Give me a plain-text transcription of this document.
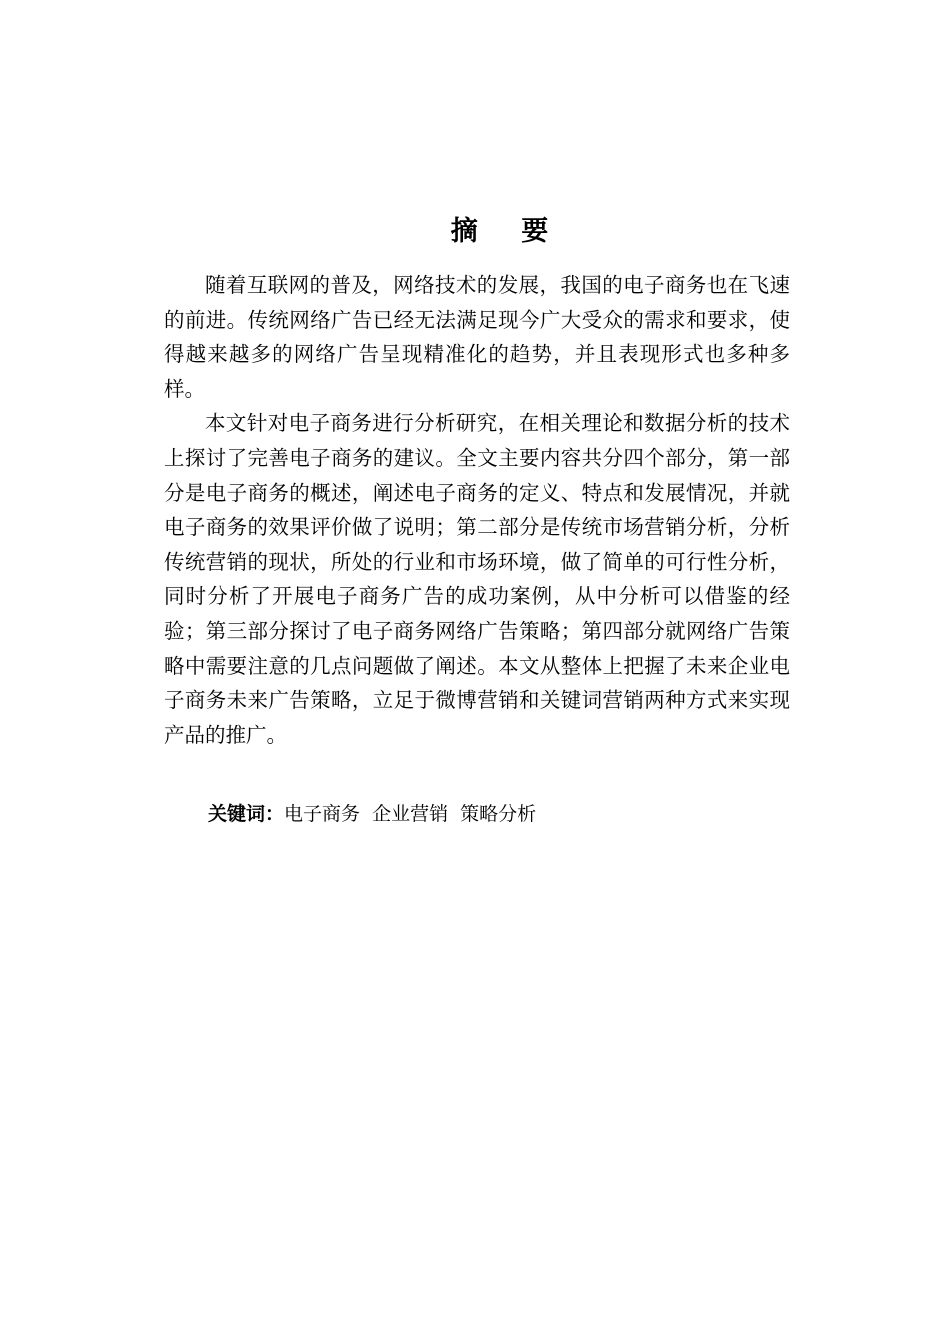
摘 要

随着互联网的普及，网络技术的发展，我国的电子商务也在飞速的前进。传统网络广告已经无法满足现今广大受众的需求和要求，使得越来越多的网络广告呈现精准化的趋势，并且表现形式也多种多样。

本文针对电子商务进行分析研究，在相关理论和数据分析的技术上探讨了完善电子商务的建议。全文主要内容共分四个部分，第一部分是电子商务的概述，阐述电子商务的定义、特点和发展情况，并就电子商务的效果评价做了说明；第二部分是传统市场营销分析，分析传统营销的现状，所处的行业和市场环境，做了简单的可行性分析，同时分析了开展电子商务广告的成功案例，从中分析可以借鉴的经验；第三部分探讨了电子商务网络广告策略；第四部分就网络广告策略中需要注意的几点问题做了阐述。本文从整体上把握了未来企业电子商务未来广告策略，立足于微博营销和关键词营销两种方式来实现产品的推广。

关键词：电子商务  企业营销  策略分析
